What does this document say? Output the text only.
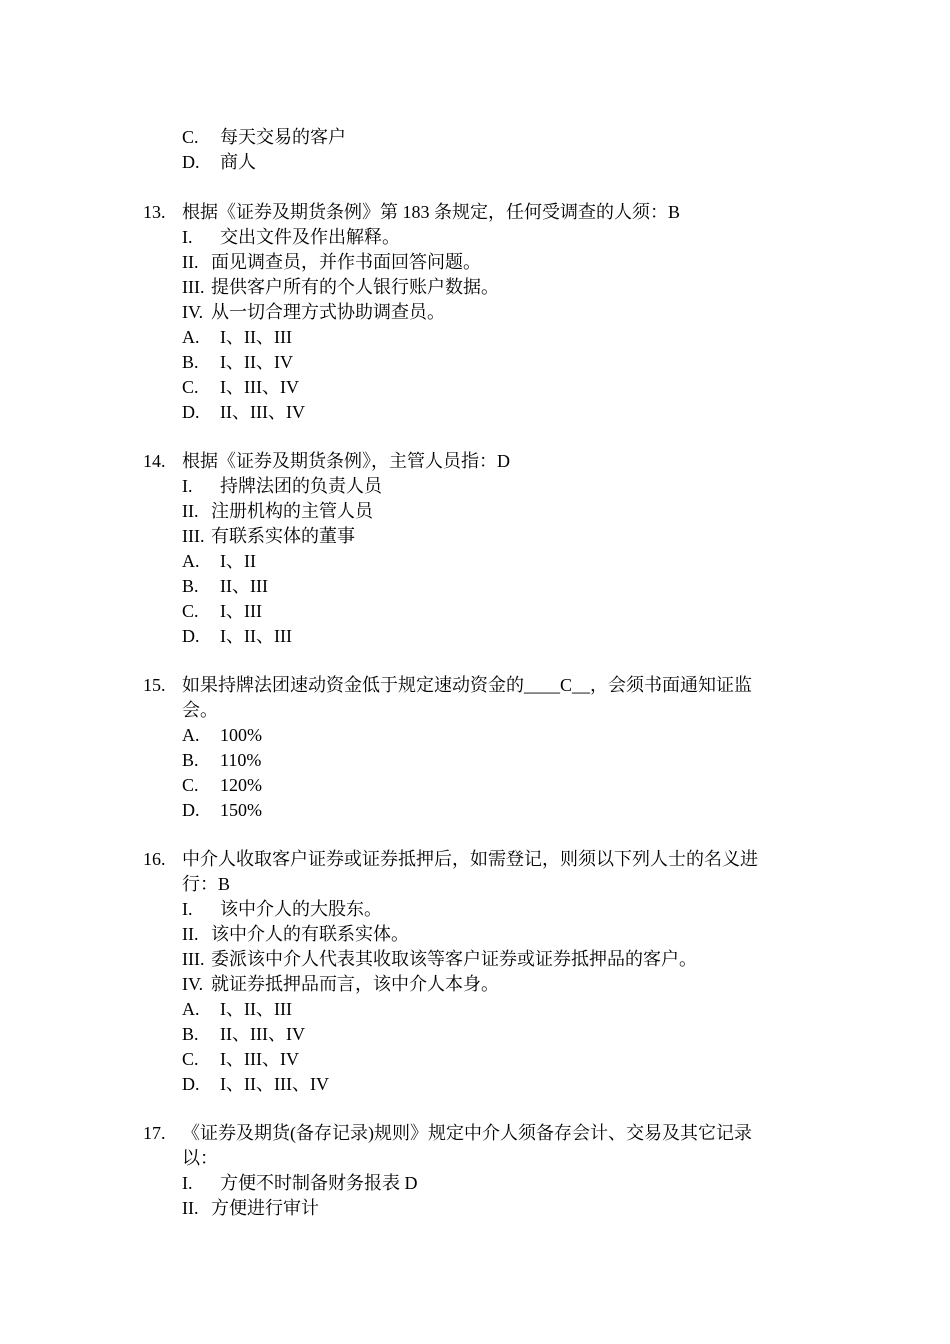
C. 每天交易的客户
D. 商人
13. 根据《证券及期货条例》第 183 条规定，任何受调查的人须：B
I. 交出文件及作出解释。
II. 面见调查员，并作书面回答问题。
III. 提供客户所有的个人银行账户数据。
IV. 从一切合理方式协助调查员。
A. I、II、III
B. I、II、IV
C. I、III、IV
D. II、III、IV
14. 根据《证券及期货条例》，主管人员指：D
I. 持牌法团的负责人员
II. 注册机构的主管人员
III. 有联系实体的董事
A. I、II
B. II、III
C. I、III
D. I、II、III
15. 如果持牌法团速动资金低于规定速动资金的____C__，会须书面通知证监
会。
A. 100%
B. 110%
C. 120%
D. 150%
16. 中介人收取客户证券或证券抵押后，如需登记，则须以下列人士的名义进
行：B
I. 该中介人的大股东。
II. 该中介人的有联系实体。
III. 委派该中介人代表其收取该等客户证券或证券抵押品的客户。
IV. 就证券抵押品而言，该中介人本身。
A. I、II、III
B. II、III、IV
C. I、III、IV
D. I、II、III、IV
17. 《证券及期货(备存记录)规则》规定中介人须备存会计、交易及其它记录
以：
I. 方便不时制备财务报表 D
II. 方便进行审计
